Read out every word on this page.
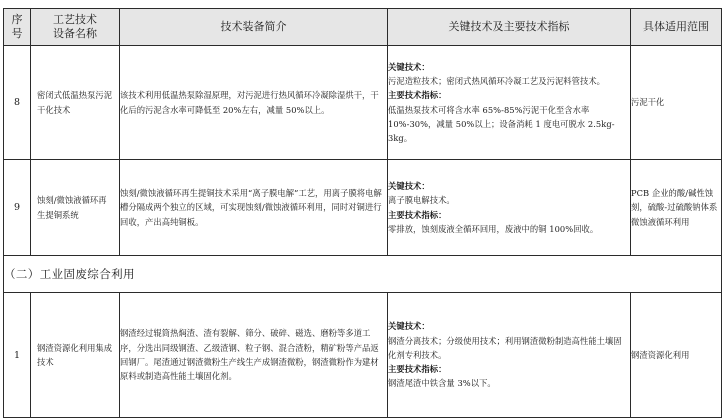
序
号	工艺技术
设备名称	技术装备简介	关键技术及主要技术指标	具体适用范围
8	密闭式低温热泵污泥干化技术	该技术利用低温热泵除湿原理，对污泥进行热风循环冷凝除湿烘干，干化后的污泥含水率可降低至 20%左右，减量 50%以上。	关键技术：
污泥造粒技术；密闭式热风循环冷凝工艺及污泥料管技术。
主要技术指标：
低温热泵技术可将含水率 65%-85%污泥干化至含水率 10%-30%，减量 50%以上；设备消耗 1 度电可脱水 2.5kg-3kg。	污泥干化
9	蚀刻/微蚀液循环再生提铜系统	蚀刻/微蚀液循环再生提铜技术采用“离子膜电解”工艺，用离子膜将电解槽分隔成两个独立的区域，可实现蚀刻/微蚀液循环利用，同时对铜进行回收，产出高纯铜板。	关键技术：
离子膜电解技术。
主要技术指标：
零排放，蚀刻废液全循环回用，废液中的铜 100%回收。	PCB 企业的酸/碱性蚀刻，硫酸-过硫酸钠体系微蚀液循环利用
（二）工业固废综合利用				
1	钢渣资源化利用集成技术	钢渣经过辊筒热焖渣、渣有裂解、筛分、破碎、磁选、磨粉等多道工序，分选出同级钢渣、乙级渣钢、粒子钢、混合渣粉，精矿粉等产品返回钢厂。尾渣通过钢渣微粉生产线生产成钢渣微粉，钢渣微粉作为建材原料或制造高性能土壤固化剂。	关键技术：
钢渣分离技术；分级使用技术；利用钢渣微粉制造高性能土壤固化剂专利技术。
主要技术指标：
钢渣尾渣中铁含量 3%以下。	钢渣资源化利用
